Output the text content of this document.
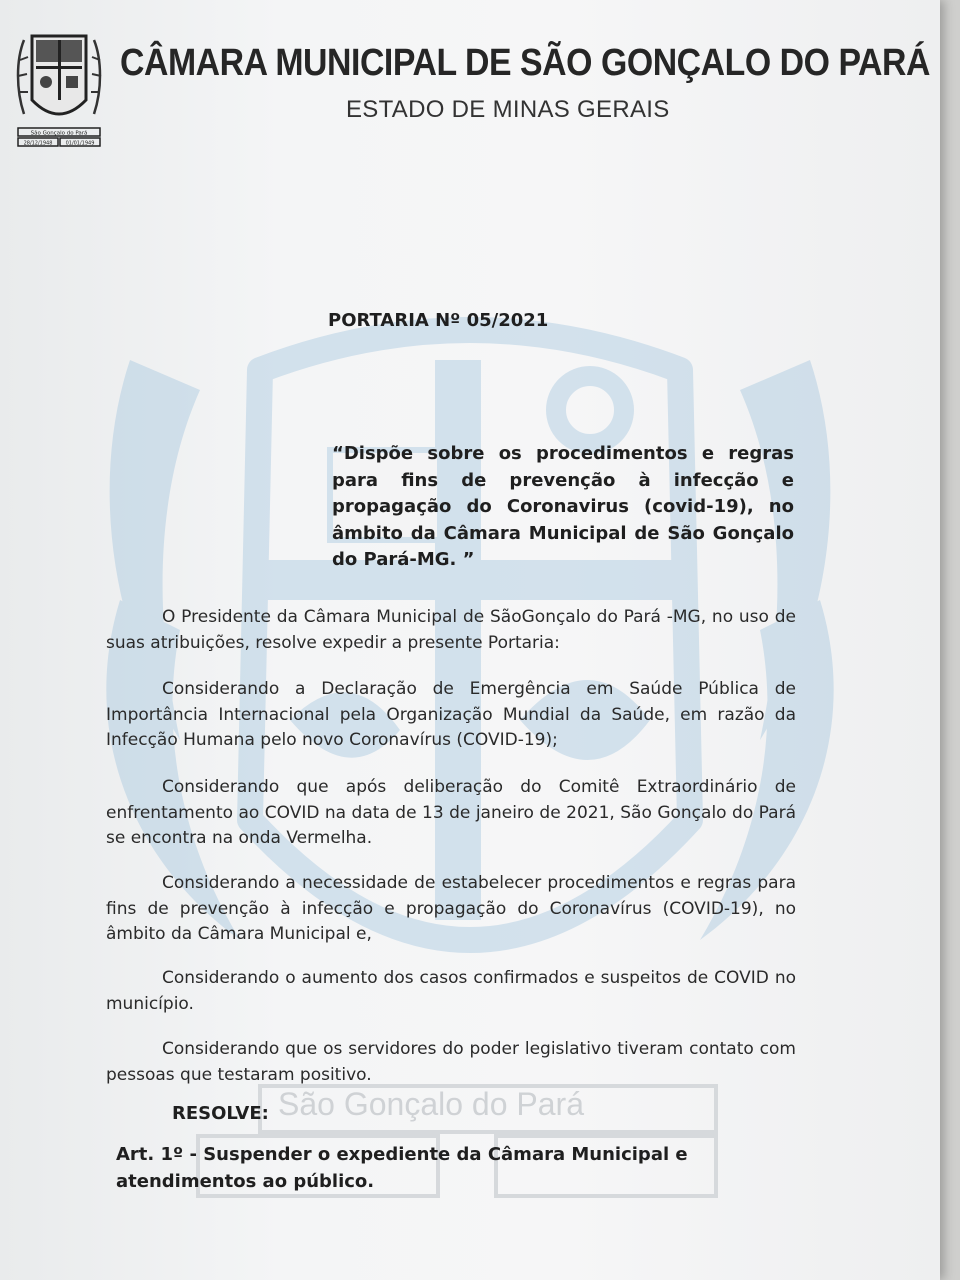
São Gonçalo do Pará
28/12/1948	01/01/1949
CÂMARA MUNICIPAL DE SÃO GONÇALO DO PARÁ
ESTADO DE MINAS GERAIS
PORTARIA Nº 05/2021
“Dispõe sobre os procedimentos e regras para fins de prevenção à infecção e propagação do Coronavirus (covid-19), no âmbito da Câmara Municipal de São Gonçalo do Pará-MG. ”

O Presidente da Câmara Municipal de SãoGonçalo do Pará -MG, no uso de suas atribuições, resolve expedir a presente Portaria:

Considerando a Declaração de Emergência em Saúde Pública de Importância Internacional pela Organização Mundial da Saúde, em razão da Infecção Humana pelo novo Coronavírus (COVID-19);

Considerando que após deliberação do Comitê Extraordinário de enfrentamento ao COVID na data de 13 de janeiro de 2021, São Gonçalo do Pará se encontra na onda Vermelha.

Considerando a necessidade de estabelecer procedimentos e regras para fins de prevenção à infecção e propagação do Coronavírus (COVID-19), no âmbito da Câmara Municipal e,

Considerando o aumento dos casos confirmados e suspeitos de COVID no município.

Considerando que os servidores do poder legislativo tiveram contato com pessoas que testaram positivo.

São Gonçalo do Pará
RESOLVE:
Art. 1º - Suspender o expediente da Câmara Municipal e atendimentos ao público.
